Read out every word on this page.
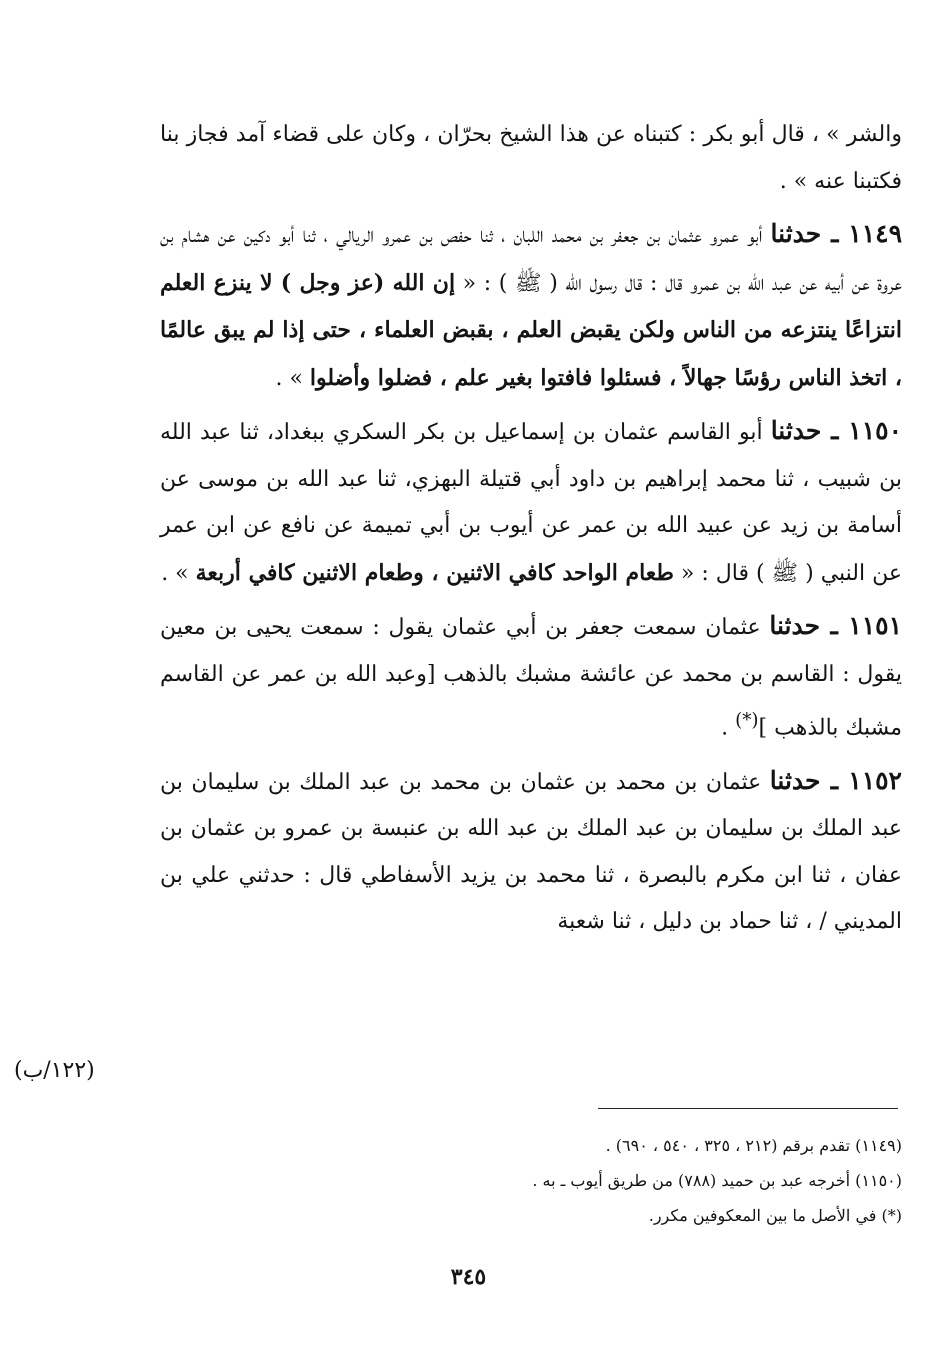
والشر » ، قال أبو بكر : كتبناه عن هذا الشيخ بحرّان ، وكان على قضاء آمد فجاز بنا فكتبنا عنه » .

١١٤٩ ـ حدثنا أبو عمرو عثمان بن جعفر بن محمد اللبان ، ثنا حفص بن عمرو الريالي ، ثنا أبو دكين عن هشام بن عروة عن أبيه عن عبد الله بن عمرو قال : قال رسول الله ( ﷺ ) : « إن الله (عز وجل ) لا ينزع العلم انتزاعًا ينتزعه من الناس ولكن يقبض العلم ، بقبض العلماء ، حتى إذا لم يبق عالمًا ، اتخذ الناس رؤسًا جهالاً ، فسئلوا فافتوا بغير علم ، فضلوا وأضلوا » .

١١٥٠ ـ حدثنا أبو القاسم عثمان بن إسماعيل بن بكر السكري ببغداد، ثنا عبد الله بن شبيب ، ثنا محمد إبراهيم بن داود أبي قتيلة البهزي، ثنا عبد الله بن موسى عن أسامة بن زيد عن عبيد الله بن عمر عن أيوب بن أبي تميمة عن نافع عن ابن عمر عن النبي ( ﷺ ) قال : « طعام الواحد كافي الاثنين ، وطعام الاثنين كافي أربعة » .

١١٥١ ـ حدثنا عثمان سمعت جعفر بن أبي عثمان يقول : سمعت يحيى بن معين يقول : القاسم بن محمد عن عائشة مشبك بالذهب [وعبد الله بن عمر عن القاسم مشبك بالذهب ](*) .

١١٥٢ ـ حدثنا عثمان بن محمد بن عثمان بن محمد بن عبد الملك بن سليمان بن عبد الملك بن سليمان بن عبد الملك بن عبد الله بن عنبسة بن عمرو بن عثمان بن عفان ، ثنا ابن مكرم بالبصرة ، ثنا محمد بن يزيد الأسفاطي قال : حدثني علي بن المديني / ، ثنا حماد بن دليل ، ثنا شعبة

(١٢٢/ب)

(١١٤٩) تقدم برقم (٢١٢ ، ٣٢٥ ، ٥٤٠ ، ٦٩٠) .

(١١٥٠) أخرجه عبد بن حميد (٧٨٨) من طريق أيوب ـ به .

(*) في الأصل ما بين المعكوفين مكرر.

٣٤٥
